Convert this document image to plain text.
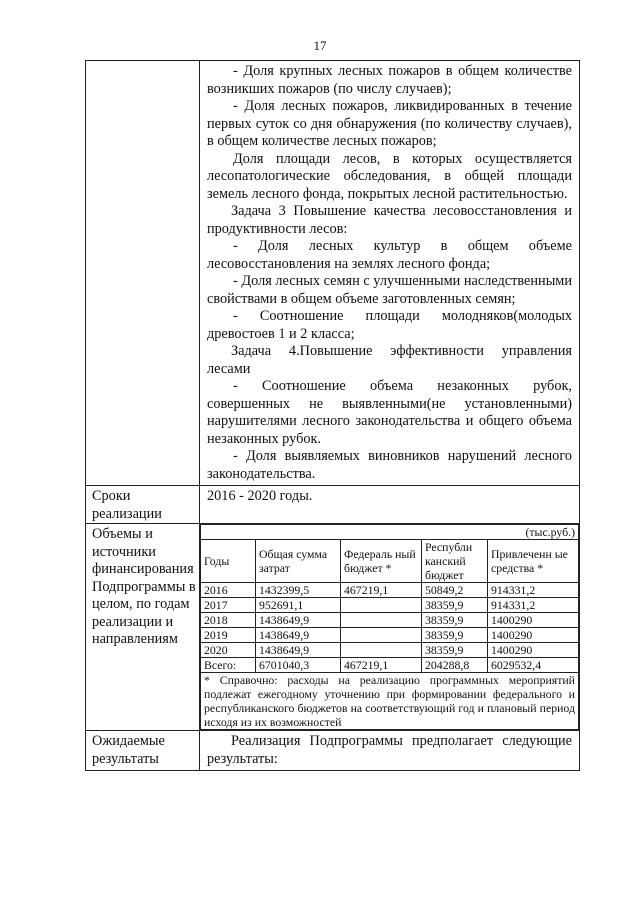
17

- Доля крупных лесных пожаров в общем количестве возникших пожаров (по числу случаев);

- Доля лесных пожаров, ликвидированных в течение первых суток со дня обнаружения (по количеству случаев), в общем количестве лесных пожаров;

Доля площади лесов, в которых осуществляется лесопатологические обследования, в общей площади земель лесного фонда, покрытых лесной растительностью.

Задача 3 Повышение качества лесовосстановления и продуктивности лесов:

- Доля лесных культур в общем объеме лесовосстановления на землях лесного фонда;

- Доля лесных семян с улучшенными наследственными свойствами в общем объеме заготовленных семян;

- Соотношение площади молодняков(молодых древостоев 1 и 2 класса;

Задача 4.Повышение эффективности управления лесами

- Соотношение объема незаконных рубок, совершенных не выявленными(не установленными) нарушителями лесного законодательства и общего объема незаконных рубок.

- Доля выявляемых виновников нарушений лесного законодательства.

Сроки реализации	2016 - 2020 годы.
Объемы и источники финансирования Подпрограммы в целом, по годам реализации и направлениям	
(тыс.руб.)
Годы	Общая сумма затрат	Федераль ный бюджет *	Республи канский бюджет	Привлеченн ые средства *
2016	1432399,5	467219,1	50849,2	914331,2
2017	952691,1		38359,9	914331,2
2018	1438649,9		38359,9	1400290
2019	1438649,9		38359,9	1400290
2020	1438649,9		38359,9	1400290
Всего:	6701040,3	467219,1	204288,8	6029532,4
* Справочно: расходы на реализацию программных мероприятий подлежат ежегодному уточнению при формировании федерального и республиканского бюджетов на соответствующий год и плановый период исходя из их возможностей

Ожидаемые результаты	

Реализация Подпрограммы предполагает следующие результаты:
